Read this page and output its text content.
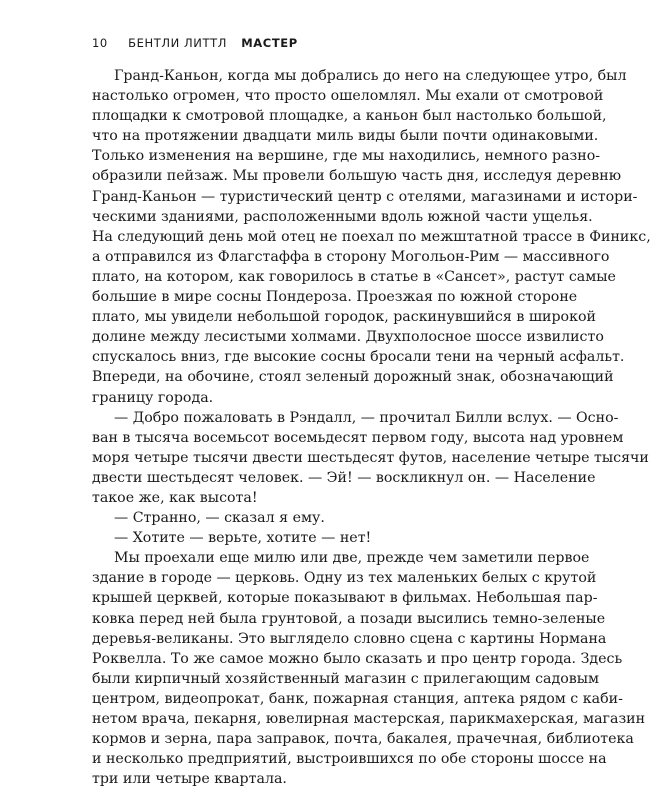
10 БЕНТЛИ ЛИТТЛ МАСТЕР
Гранд-Каньон, когда мы добрались до него на следующее утро, был
настолько огромен, что просто ошеломлял. Мы ехали от смотровой
площадки к смотровой площадке, а каньон был настолько большой,
что на протяжении двадцати миль виды были почти одинаковыми.
Только изменения на вершине, где мы находились, немного разно-
образили пейзаж. Мы провели большую часть дня, исследуя деревню
Гранд-Каньон — туристический центр с отелями, магазинами и истори-
ческими зданиями, расположенными вдоль южной части ущелья.
На следующий день мой отец не поехал по межштатной трассе в Финикс,
а отправился из Флагстаффа в сторону Могольон-Рим — массивного
плато, на котором, как говорилось в статье в «Сансет», растут самые
большие в мире сосны Пондероза. Проезжая по южной стороне
плато, мы увидели небольшой городок, раскинувшийся в широкой
долине между лесистыми холмами. Двухполосное шоссе извилисто
спускалось вниз, где высокие сосны бросали тени на черный асфальт.
Впереди, на обочине, стоял зеленый дорожный знак, обозначающий
границу города.
— Добро пожаловать в Рэндалл, — прочитал Билли вслух. — Осно-
ван в тысяча восемьсот восемьдесят первом году, высота над уровнем
моря четыре тысячи двести шестьдесят футов, население четыре тысячи
двести шестьдесят человек. — Эй! — воскликнул он. — Население
такое же, как высота!
— Странно, — сказал я ему.
— Хотите — верьте, хотите — нет!
Мы проехали еще милю или две, прежде чем заметили первое
здание в городе — церковь. Одну из тех маленьких белых с крутой
крышей церквей, которые показывают в фильмах. Небольшая пар-
ковка перед ней была грунтовой, а позади высились темно-зеленые
деревья-великаны. Это выглядело словно сцена с картины Нормана
Роквелла. То же самое можно было сказать и про центр города. Здесь
были кирпичный хозяйственный магазин с прилегающим садовым
центром, видеопрокат, банк, пожарная станция, аптека рядом с каби-
нетом врача, пекарня, ювелирная мастерская, парикмахерская, магазин
кормов и зерна, пара заправок, почта, бакалея, прачечная, библиотека
и несколько предприятий, выстроившихся по обе стороны шоссе на
три или четыре квартала.
